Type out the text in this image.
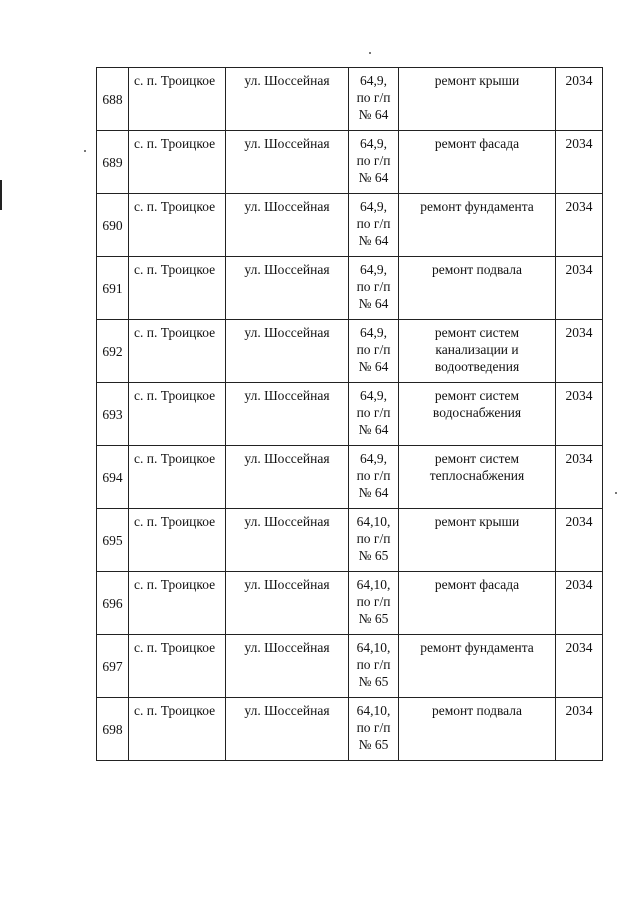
688	с. п. Троицкое	ул. Шоссейная	64,9,
по г/п
№ 64	ремонт крыши	2034
689	с. п. Троицкое	ул. Шоссейная	64,9,
по г/п
№ 64	ремонт фасада	2034
690	с. п. Троицкое	ул. Шоссейная	64,9,
по г/п
№ 64	ремонт фундамента	2034
691	с. п. Троицкое	ул. Шоссейная	64,9,
по г/п
№ 64	ремонт подвала	2034
692	с. п. Троицкое	ул. Шоссейная	64,9,
по г/п
№ 64	ремонт систем
канализации и
водоотведения	2034
693	с. п. Троицкое	ул. Шоссейная	64,9,
по г/п
№ 64	ремонт систем
водоснабжения	2034
694	с. п. Троицкое	ул. Шоссейная	64,9,
по г/п
№ 64	ремонт систем
теплоснабжения	2034
695	с. п. Троицкое	ул. Шоссейная	64,10,
по г/п
№ 65	ремонт крыши	2034
696	с. п. Троицкое	ул. Шоссейная	64,10,
по г/п
№ 65	ремонт фасада	2034
697	с. п. Троицкое	ул. Шоссейная	64,10,
по г/п
№ 65	ремонт фундамента	2034
698	с. п. Троицкое	ул. Шоссейная	64,10,
по г/п
№ 65	ремонт подвала	2034
